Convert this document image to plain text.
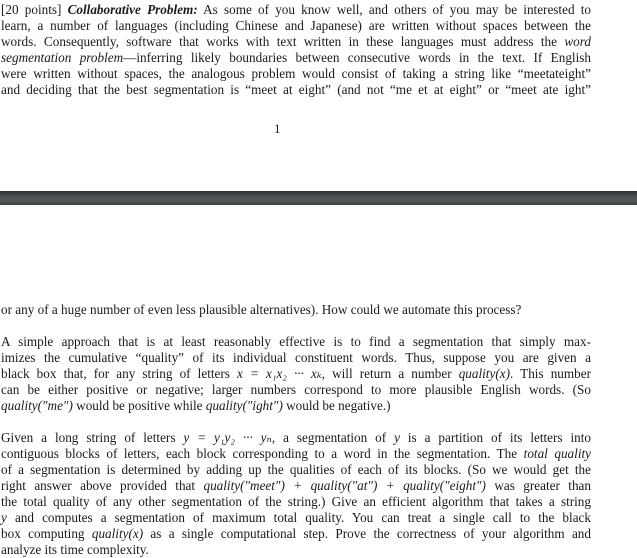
[20 points] Collaborative Problem: As some of you know well, and others of you may be interested to
learn, a number of languages (including Chinese and Japanese) are written without spaces between the
words. Consequently, software that works with text written in these languages must address the word
segmentation problem—inferring likely boundaries between consecutive words in the text. If English
were written without spaces, the analogous problem would consist of taking a string like “meetateight”
and deciding that the best segmentation is “meet at eight” (and not “me et at eight” or “meet ate ight”
1
or any of a huge number of even less plausible alternatives). How could we automate this process?
A simple approach that is at least reasonably effective is to find a segmentation that simply max-
imizes the cumulative “quality” of its individual constituent words. Thus, suppose you are given a
black box that, for any string of letters x = x₁x₂ ··· xₖ, will return a number quality(x). This number
can be either positive or negative; larger numbers correspond to more plausible English words. (So
quality("me") would be positive while quality("ight") would be negative.)
Given a long string of letters y = y₁y₂ ··· yₙ, a segmentation of y is a partition of its letters into
contiguous blocks of letters, each block corresponding to a word in the segmentation. The total quality
of a segmentation is determined by adding up the qualities of each of its blocks. (So we would get the
right answer above provided that quality("meet") + quality("at") + quality("eight") was greater than
the total quality of any other segmentation of the string.) Give an efficient algorithm that takes a string
y and computes a segmentation of maximum total quality. You can treat a single call to the black
box computing quality(x) as a single computational step. Prove the correctness of your algorithm and
analyze its time complexity.
